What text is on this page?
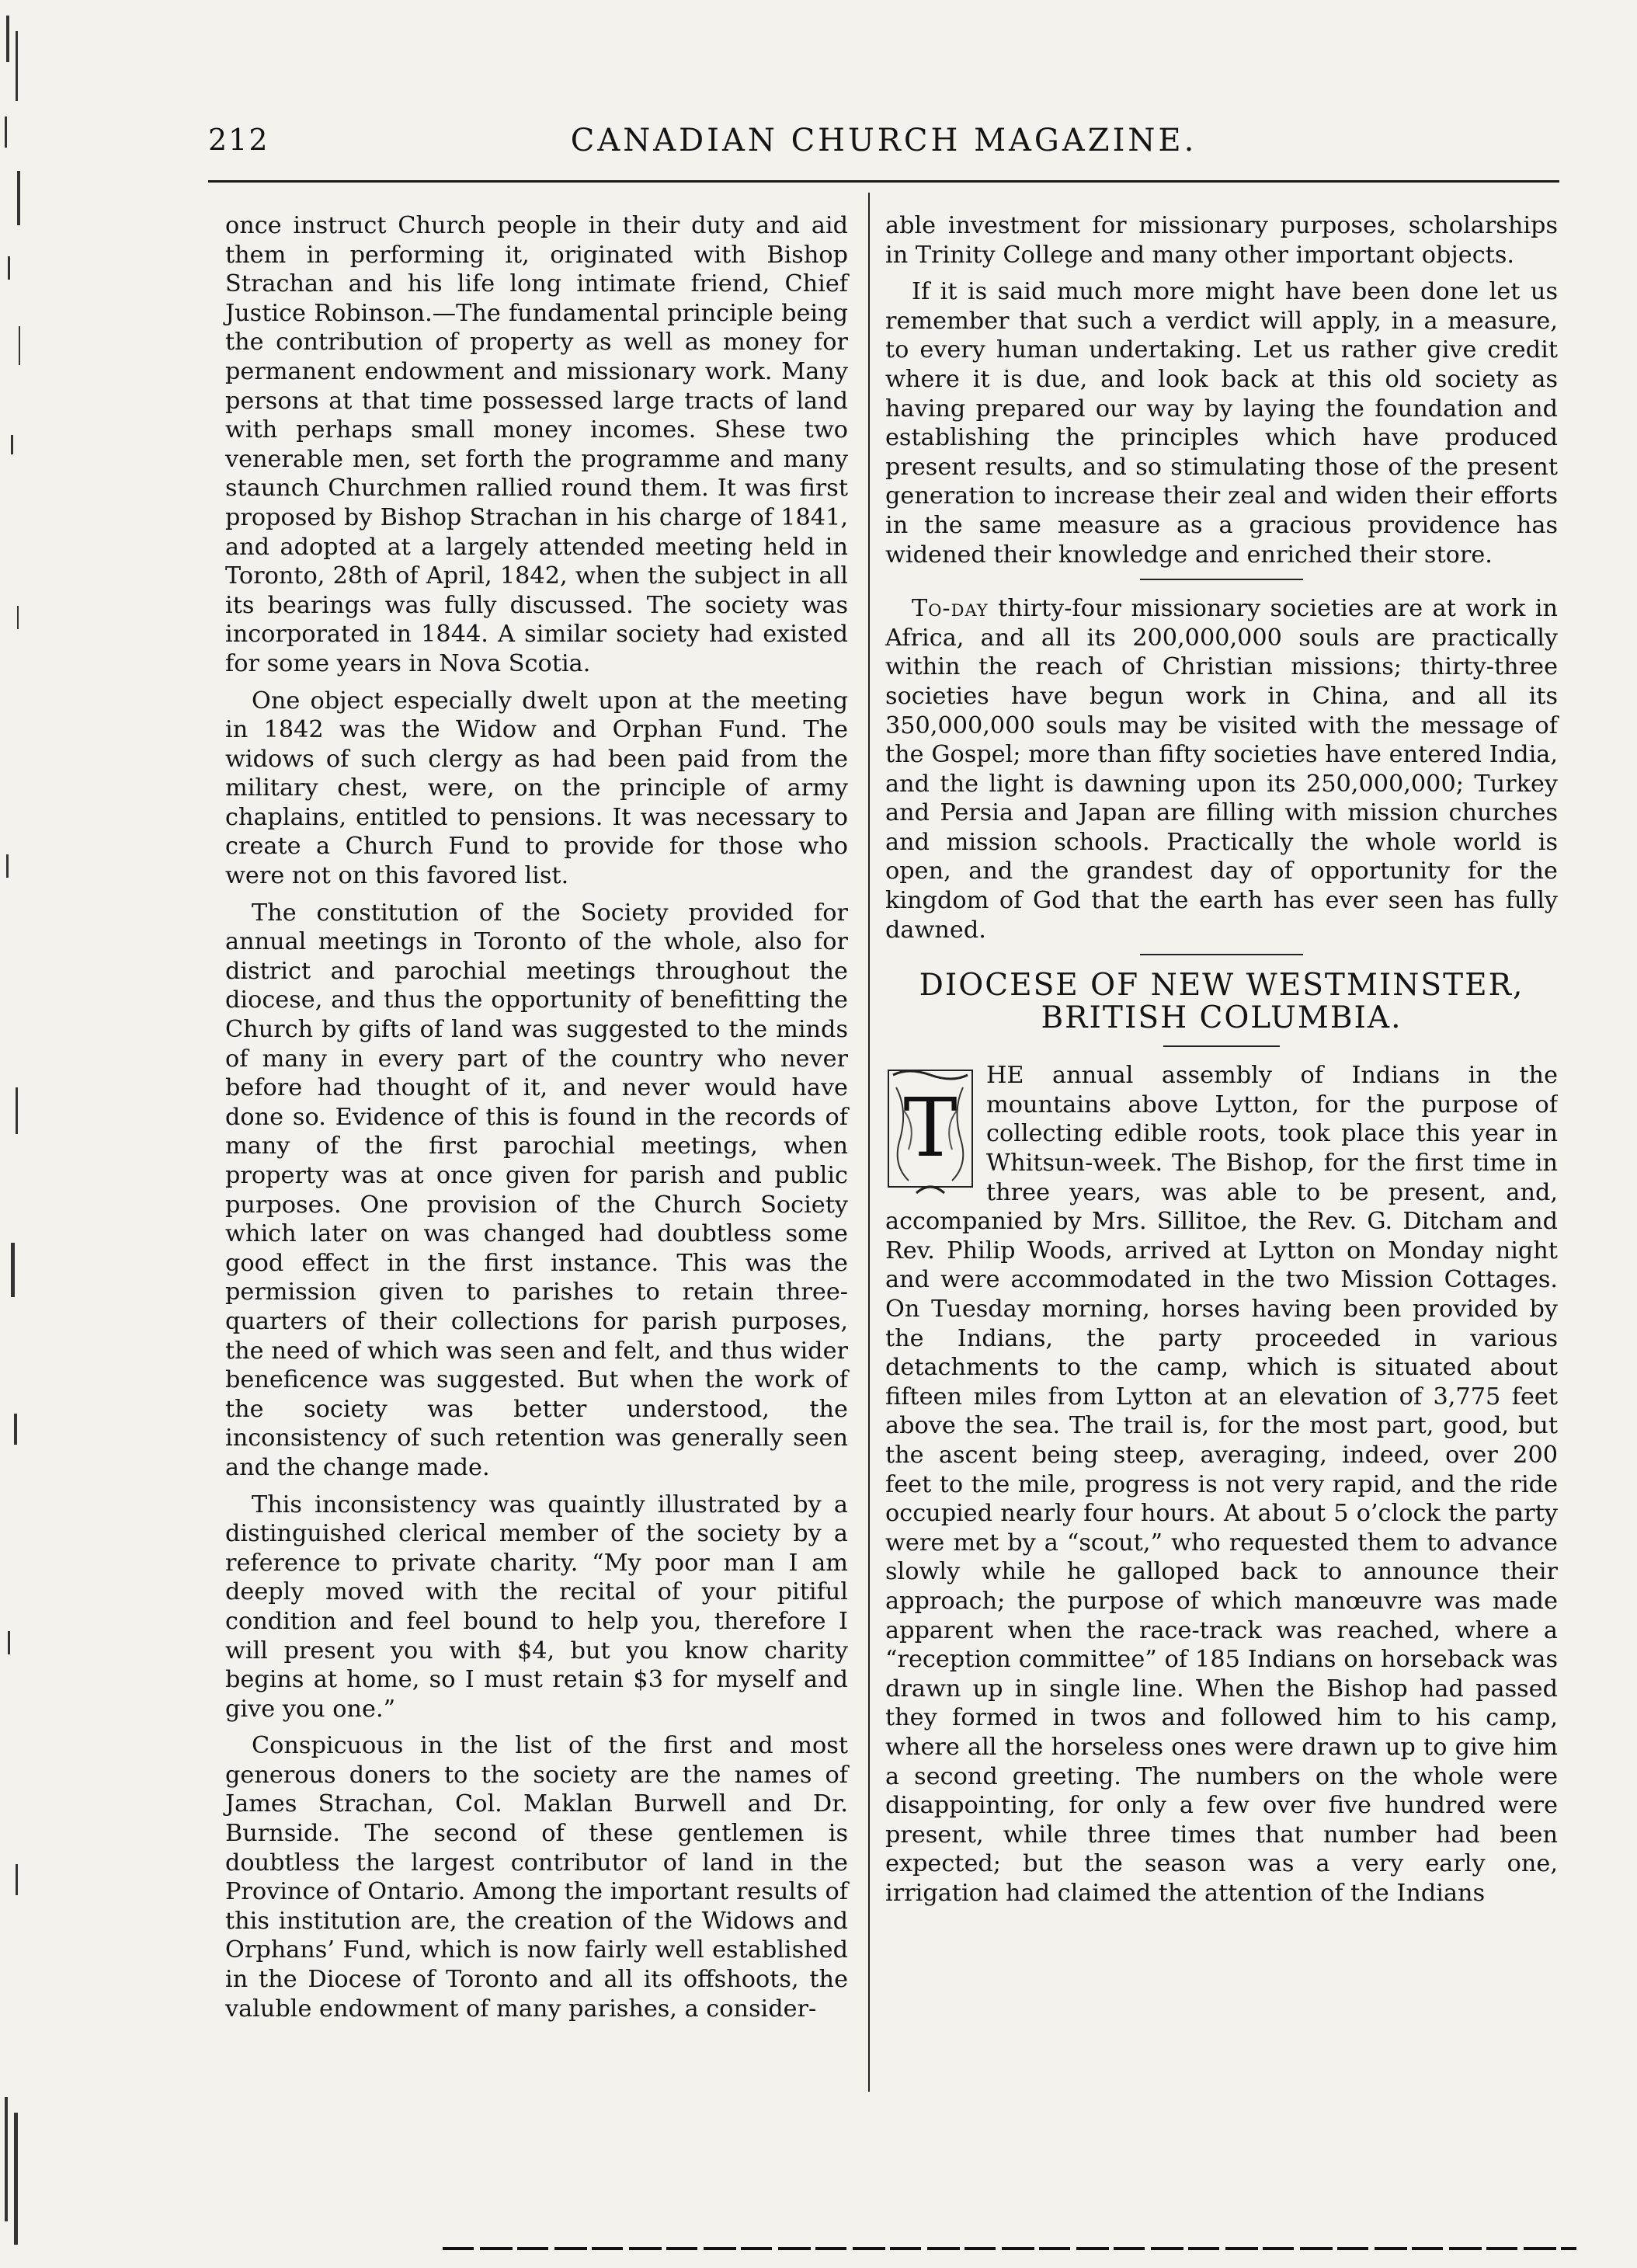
212	CANADIAN CHURCH MAGAZINE.

once instruct Church people in their duty and aid them in performing it, originated with Bishop Strachan and his life long intimate friend, Chief Justice Robinson.—The fundamental principle being the contribution of property as well as money for permanent endowment and missionary work. Many persons at that time possessed large tracts of land with perhaps small money incomes. Shese two venerable men, set forth the programme and many staunch Churchmen rallied round them. It was first proposed by Bishop Strachan in his charge of 1841, and adopted at a largely attended meeting held in Toronto, 28th of April, 1842, when the subject in all its bearings was fully discussed. The society was incorporated in 1844. A similar society had existed for some years in Nova Scotia.

One object especially dwelt upon at the meeting in 1842 was the Widow and Orphan Fund. The widows of such clergy as had been paid from the military chest, were, on the principle of army chaplains, entitled to pensions. It was necessary to create a Church Fund to provide for those who were not on this favored list.

The constitution of the Society provided for annual meetings in Toronto of the whole, also for district and parochial meetings throughout the diocese, and thus the opportunity of benefitting the Church by gifts of land was suggested to the minds of many in every part of the country who never before had thought of it, and never would have done so. Evidence of this is found in the records of many of the first parochial meetings, when property was at once given for parish and public purposes. One provision of the Church Society which later on was changed had doubtless some good effect in the first instance. This was the permission given to parishes to retain three-quarters of their collections for parish purposes, the need of which was seen and felt, and thus wider beneficence was suggested. But when the work of the society was better understood, the inconsistency of such retention was generally seen and the change made.

This inconsistency was quaintly illustrated by a distinguished clerical member of the society by a reference to private charity. “My poor man I am deeply moved with the recital of your pitiful condition and feel bound to help you, therefore I will present you with $4, but you know charity begins at home, so I must retain $3 for myself and give you one.”

Conspicuous in the list of the first and most generous doners to the society are the names of James Strachan, Col. Maklan Burwell and Dr. Burnside. The second of these gentlemen is doubtless the largest contributor of land in the Province of Ontario. Among the important results of this institution are, the creation of the Widows and Orphans’ Fund, which is now fairly well established in the Diocese of Toronto and all its offshoots, the valuble endowment of many parishes, a consider-

able investment for missionary purposes, scholarships in Trinity College and many other important objects.

If it is said much more might have been done let us remember that such a verdict will apply, in a measure, to every human undertaking. Let us rather give credit where it is due, and look back at this old society as having prepared our way by laying the foundation and establishing the principles which have produced present results, and so stimulating those of the present generation to increase their zeal and widen their efforts in the same measure as a gracious providence has widened their knowledge and enriched their store.

To-day thirty-four missionary societies are at work in Africa, and all its 200,000,000 souls are practically within the reach of Christian missions; thirty-three societies have begun work in China, and all its 350,000,000 souls may be visited with the message of the Gospel; more than fifty societies have entered India, and the light is dawning upon its 250,000,000; Turkey and Persia and Japan are filling with mission churches and mission schools. Practically the whole world is open, and the grandest day of opportunity for the kingdom of God that the earth has ever seen has fully dawned.

DIOCESE OF NEW WESTMINSTER, BRITISH COLUMBIA.
T

HE annual assembly of Indians in the mountains above Lytton, for the purpose of collecting edible roots, took place this year in Whitsun-week. The Bishop, for the first time in three years, was able to be present, and, accompanied by Mrs. Sillitoe, the Rev. G. Ditcham and Rev. Philip Woods, arrived at Lytton on Monday night and were accommodated in the two Mission Cottages. On Tuesday morning, horses having been provided by the Indians, the party proceeded in various detachments to the camp, which is situated about fifteen miles from Lytton at an elevation of 3,775 feet above the sea. The trail is, for the most part, good, but the ascent being steep, averaging, indeed, over 200 feet to the mile, progress is not very rapid, and the ride occupied nearly four hours. At about 5 o’clock the party were met by a “scout,” who requested them to advance slowly while he galloped back to announce their approach; the purpose of which manœuvre was made apparent when the race-track was reached, where a “reception committee” of 185 Indians on horseback was drawn up in single line. When the Bishop had passed they formed in twos and followed him to his camp, where all the horseless ones were drawn up to give him a second greeting. The numbers on the whole were disappointing, for only a few over five hundred were present, while three times that number had been expected; but the season was a very early one, irrigation had claimed the attention of the Indians
